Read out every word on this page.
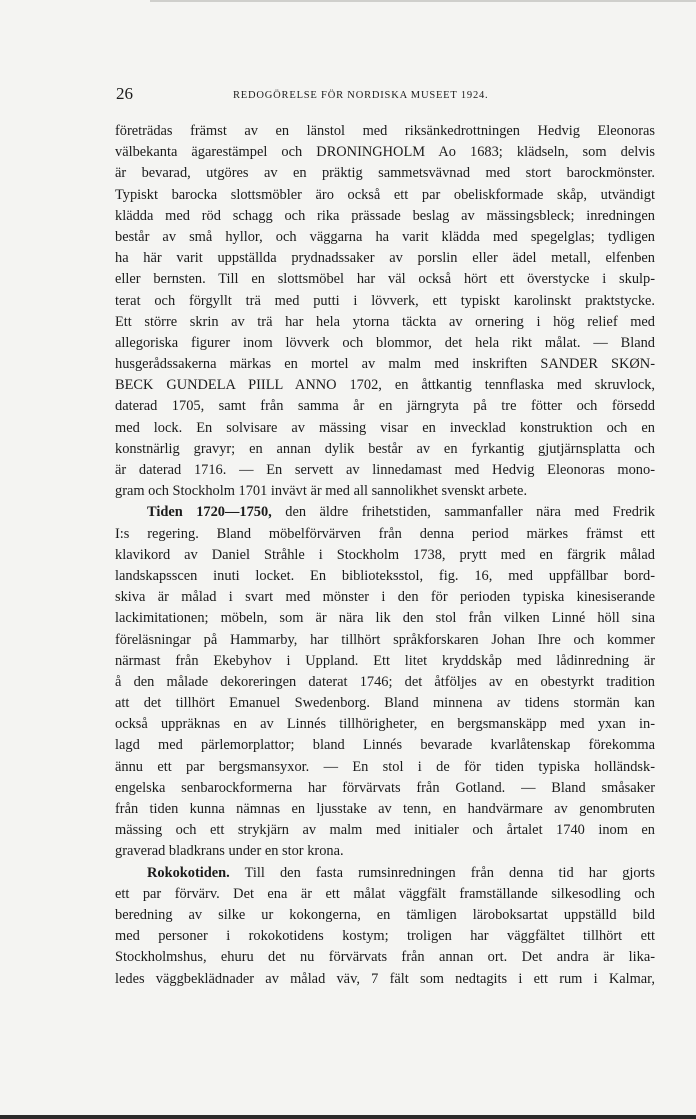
26	REDOGÖRELSE FÖR NORDISKA MUSEET 1924.
företrädas främst av en länstol med riksänkedrottningen Hedvig Eleonoras
välbekanta ägarestämpel och DRONINGHOLM Ao 1683; klädseln, som delvis
är bevarad, utgöres av en präktig sammetsvävnad med stort barockmönster.
Typiskt barocka slottsmöbler äro också ett par obeliskformade skåp, utvändigt
klädda med röd schagg och rika prässade beslag av mässingsbleck; inredningen
består av små hyllor, och väggarna ha varit klädda med spegelglas; tydligen
ha här varit uppställda prydnadssaker av porslin eller ädel metall, elfenben
eller bernsten. Till en slottsmöbel har väl också hört ett överstycke i skulp-
terat och förgyllt trä med putti i lövverk, ett typiskt karolinskt praktstycke.
Ett större skrin av trä har hela ytorna täckta av ornering i hög relief med
allegoriska figurer inom lövverk och blommor, det hela rikt målat. — Bland
husgerådssakerna märkas en mortel av malm med inskriften SANDER SKØN-
BECK GUNDELA PIILL ANNO 1702, en åttkantig tennflaska med skruvlock,
daterad 1705, samt från samma år en järngryta på tre fötter och försedd
med lock. En solvisare av mässing visar en invecklad konstruktion och en
konstnärlig gravyr; en annan dylik består av en fyrkantig gjutjärnsplatta och
är daterad 1716. — En servett av linnedamast med Hedvig Eleonoras mono-
gram och Stockholm 1701 invävt är med all sannolikhet svenskt arbete.
Tiden 1720—1750, den äldre frihetstiden, sammanfaller nära med Fredrik
I:s regering. Bland möbelförvärven från denna period märkes främst ett
klavikord av Daniel Stråhle i Stockholm 1738, prytt med en färgrik målad
landskapsscen inuti locket. En biblioteksstol, fig. 16, med uppfällbar bord-
skiva är målad i svart med mönster i den för perioden typiska kinesiserande
lackimitationen; möbeln, som är nära lik den stol från vilken Linné höll sina
föreläsningar på Hammarby, har tillhört språkforskaren Johan Ihre och kommer
närmast från Ekebyhov i Uppland. Ett litet kryddskåp med lådinredning är
å den målade dekoreringen daterat 1746; det åtföljes av en obestyrkt tradition
att det tillhört Emanuel Swedenborg. Bland minnena av tidens stormän kan
också uppräknas en av Linnés tillhörigheter, en bergsmanskäpp med yxan in-
lagd med pärlemorplattor; bland Linnés bevarade kvarlåtenskap förekomma
ännu ett par bergsmansyxor. — En stol i de för tiden typiska holländsk-
engelska senbarockformerna har förvärvats från Gotland. — Bland småsaker
från tiden kunna nämnas en ljusstake av tenn, en handvärmare av genombruten
mässing och ett strykjärn av malm med initialer och årtalet 1740 inom en
graverad bladkrans under en stor krona.
Rokokotiden. Till den fasta rumsinredningen från denna tid har gjorts
ett par förvärv. Det ena är ett målat väggfält framställande silkesodling och
beredning av silke ur kokongerna, en tämligen läroboksartat uppställd bild
med personer i rokokotidens kostym; troligen har väggfältet tillhört ett
Stockholmshus, ehuru det nu förvärvats från annan ort. Det andra är lika-
ledes väggbeklädnader av målad väv, 7 fält som nedtagits i ett rum i Kalmar,
